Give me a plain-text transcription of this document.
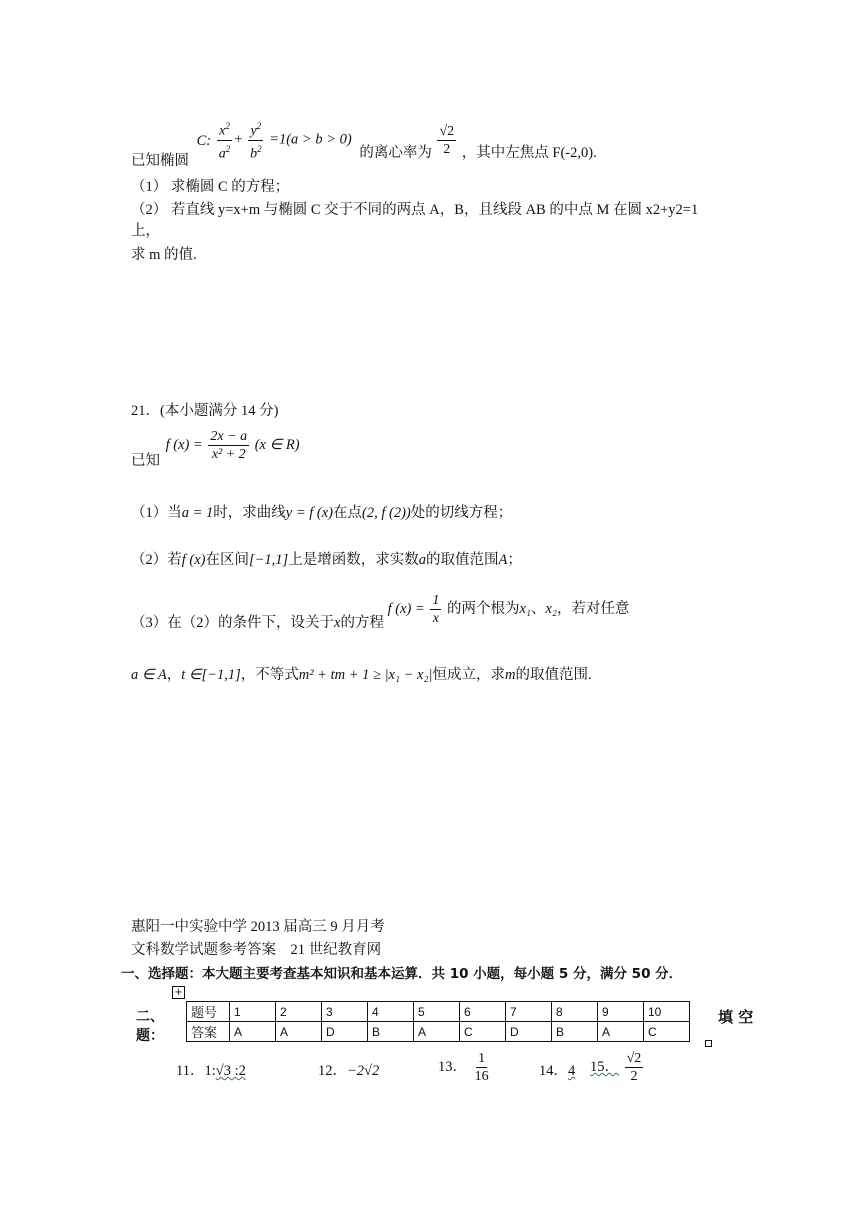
已知椭圆 C: $\frac{x^2}{a^2} + \frac{y^2}{b^2} =1(a > b > 0)$ 的离心率为 $\frac{√2}{2}$ ，其中左焦点 F(-2,0).
（1） 求椭圆 C 的方程；
（2） 若直线 y=x+m 与椭圆 C 交于不同的两点 A，B，且线段 AB 的中点 M 在圆 x2+y2=1
上，
求 m 的值.
21．(本小题满分 14 分)
已知 f $(x) = \frac{2x - a}{\text{x² + 2}} (x$ ∈ R)
（1）当a = 1时，求曲线y = f (x)在点(2, f (2))处的切线方程；
（2）若f (x)在区间[−1,1]上是增函数，求实数a的取值范围A；
（3）在（2）的条件下，设关于x的方程 f $(x) = \frac{1}{x}$ 的两个根为x₁、x₂，若对任意
a ∈ A，t ∈[−1,1]，不等式m² + tm + 1 ≥ |x₁ − x₂|恒成立，求m的取值范围.
惠阳一中实验中学 2013 届高三 9 月月考
文科数学试题参考答案　21 世纪教育网
一、选择题：本大题主要考查基本知识和基本运算．共 10 小题，每小题 5 分，满分 50 分．
+
题号	1	2	3	4	5	6	7	8	9	10
答案	A	A	D	B	A	C	D	B	A	C
二、
题：
填 空
11．1:√3 :2	12．−2√2	13． $\frac{1}{16}$	14．4 15． $\frac{√2}{2}$
